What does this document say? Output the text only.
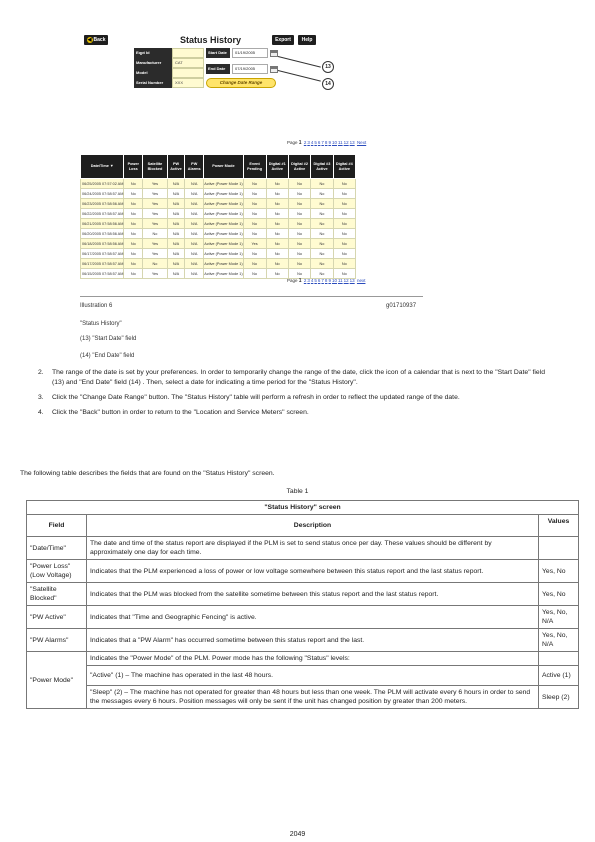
◀ Back	Status History	Export	Help
Eqpt Id
Manufacturer	CAT
Model
Serial Number	XXX
Start Date	01/19/2005
End Date	07/19/2005
Change Date Range
13
14
Page 1 2345678910111213 Next
Date/Time ▼	Power Loss	Satellite Blocked	PW Active	PW Alarms	Power Mode	Event Pending	Digital #1 Active	Digital #2 Active	Digital #3 Active	Digital #4 Active
06/25/2005 07:57:02 AM	No	Yes	N/A	N/A	Active (Power Mode 1)	No	No	No	No	No
06/24/2005 07:58:57 AM	No	Yes	N/A	N/A	Active (Power Mode 1)	No	No	No	No	No
06/23/2005 07:58:56 AM	No	Yes	N/A	N/A	Active (Power Mode 1)	No	No	No	No	No
06/22/2005 07:58:57 AM	No	Yes	N/A	N/A	Active (Power Mode 1)	No	No	No	No	No
06/21/2005 07:58:56 AM	No	Yes	N/A	N/A	Active (Power Mode 1)	No	No	No	No	No
06/20/2005 07:58:56 AM	No	No	N/A	N/A	Active (Power Mode 1)	No	No	No	No	No
06/18/2005 07:58:56 AM	No	Yes	N/A	N/A	Active (Power Mode 1)	Yes	No	No	No	No
06/17/2005 07:58:57 AM	No	Yes	N/A	N/A	Active (Power Mode 1)	No	No	No	No	No
06/17/2005 07:58:57 AM	No	No	N/A	N/A	Active (Power Mode 1)	No	No	No	No	No
06/15/2005 07:58:57 AM	No	Yes	N/A	N/A	Active (Power Mode 1)	No	No	No	No	No
Page 1 2345678910111213 next
Illustration 6	g01710937
"Status History"
(13) "Start Date" field
(14) "End Date" field
2. The range of the date is set by your preferences. In order to temporarily change the range of the date, click the icon of a calendar that is next to the "Start Date" field (13) and "End Date" field (14) . Then, select a date for indicating a time period for the "Status History".
3. Click the "Change Date Range" button. The "Status History" table will perform a refresh in order to reflect the updated range of the date.
4. Click the "Back" button in order to return to the "Location and Service Meters" screen.
The following table describes the fields that are found on the "Status History" screen.
Table 1
"Status History" screen		
Field	Description	Values
"Date/Time"	The date and time of the status report are displayed if the PLM is set to send status once per day. These values should be different by approximately one day for each time.	
"Power Loss" (Low Voltage)	Indicates that the PLM experienced a loss of power or low voltage somewhere between this status report and the last status report.	Yes, No
"Satellite Blocked"	Indicates that the PLM was blocked from the satellite sometime between this status report and the last status report.	Yes, No
"PW Active"	Indicates that "Time and Geographic Fencing" is active.	Yes, No, N/A
"PW Alarms"	Indicates that a "PW Alarm" has occurred sometime between this status report and the last.	Yes, No, N/A
"Power Mode"	Indicates the "Power Mode" of the PLM. Power mode has the following "Status" levels:	
	"Active" (1) – The machine has operated in the last 48 hours.	Active (1)
	"Sleep" (2) – The machine has not operated for greater than 48 hours but less than one week. The PLM will activate every 6 hours in order to send the messages every 6 hours. Position messages will only be sent if the unit has changed position by greater than 200 meters.	Sleep (2)
2049
